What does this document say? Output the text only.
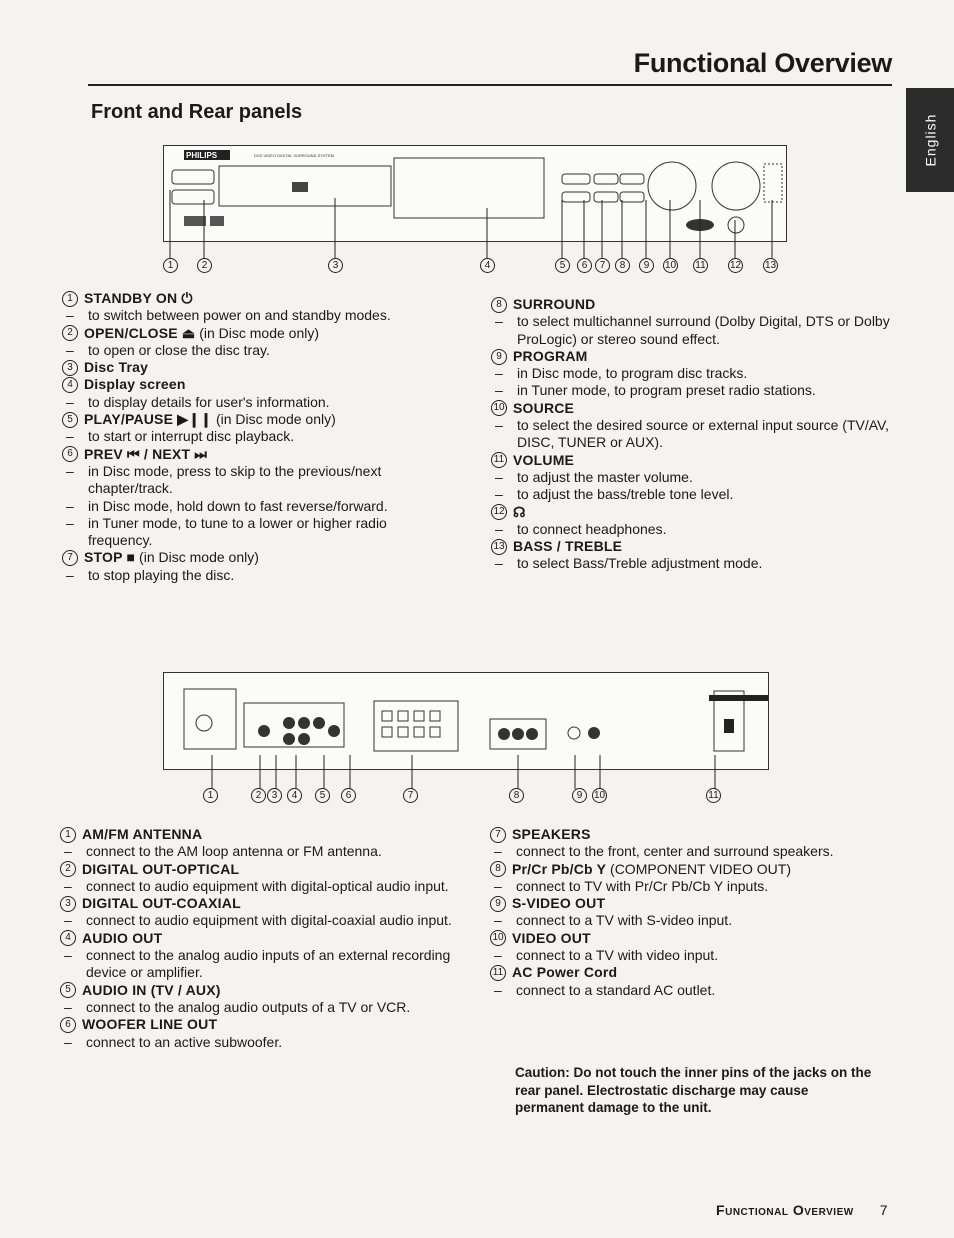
Functional Overview
English
Front and Rear panels
PHILIPS	DVD VIDEO DIGITAL SURROUND SYSTEM
1	2	3	4	5	6	7	8	9	10 11 12 13
1 STANDBY ON ⏻
–	to switch between power on and standby modes.
2 OPEN/CLOSE ⏏ (in Disc mode only)
–	to open or close the disc tray.
3 Disc Tray
4 Display screen
–	to display details for user's information.
5 PLAY/PAUSE ▶❙❙ (in Disc mode only)
–	to start or interrupt disc playback.
6 PREV ⏮ / NEXT ⏭
–	in Disc mode, press to skip to the previous/next chapter/track.
–	in Disc mode, hold down to fast reverse/forward.
–	in Tuner mode, to tune to a lower or higher radio frequency.
7 STOP ■ (in Disc mode only)
–	to stop playing the disc.
8 SURROUND
–	to select multichannel surround (Dolby Digital, DTS or Dolby ProLogic) or stereo sound effect.
9 PROGRAM
–	in Disc mode, to program disc tracks.
–	in Tuner mode, to program preset radio stations.
10 SOURCE
–	to select the desired source or external input source (TV/AV, DISC, TUNER or AUX).
11 VOLUME
–	to adjust the master volume.
–	to adjust the bass/treble tone level.
12 ☊
–	to connect headphones.
13 BASS / TREBLE
–	to select Bass/Treble adjustment mode.
1	2	3	4	5	6	7	8	9	10	11
1 AM/FM ANTENNA
–	connect to the AM loop antenna or FM antenna.
2 DIGITAL OUT-OPTICAL
–	connect to audio equipment with digital-optical audio input.
3 DIGITAL OUT-COAXIAL
–	connect to audio equipment with digital-coaxial audio input.
4 AUDIO OUT
–	connect to the analog audio inputs of an external recording device or amplifier.
5 AUDIO IN (TV / AUX)
–	connect to the analog audio outputs of a TV or VCR.
6 WOOFER LINE OUT
–	connect to an active subwoofer.
7 SPEAKERS
–	connect to the front, center and surround speakers.
8 Pr/Cr Pb/Cb Y (COMPONENT VIDEO OUT)
–	connect to TV with Pr/Cr Pb/Cb Y inputs.
9 S-VIDEO OUT
–	connect to a TV with S-video input.
10 VIDEO OUT
–	connect to a TV with video input.
11 AC Power Cord
–	connect to a standard AC outlet.
Caution: Do not touch the inner pins of the jacks on the rear panel. Electrostatic discharge may cause permanent damage to the unit.
Functional Overview 7
